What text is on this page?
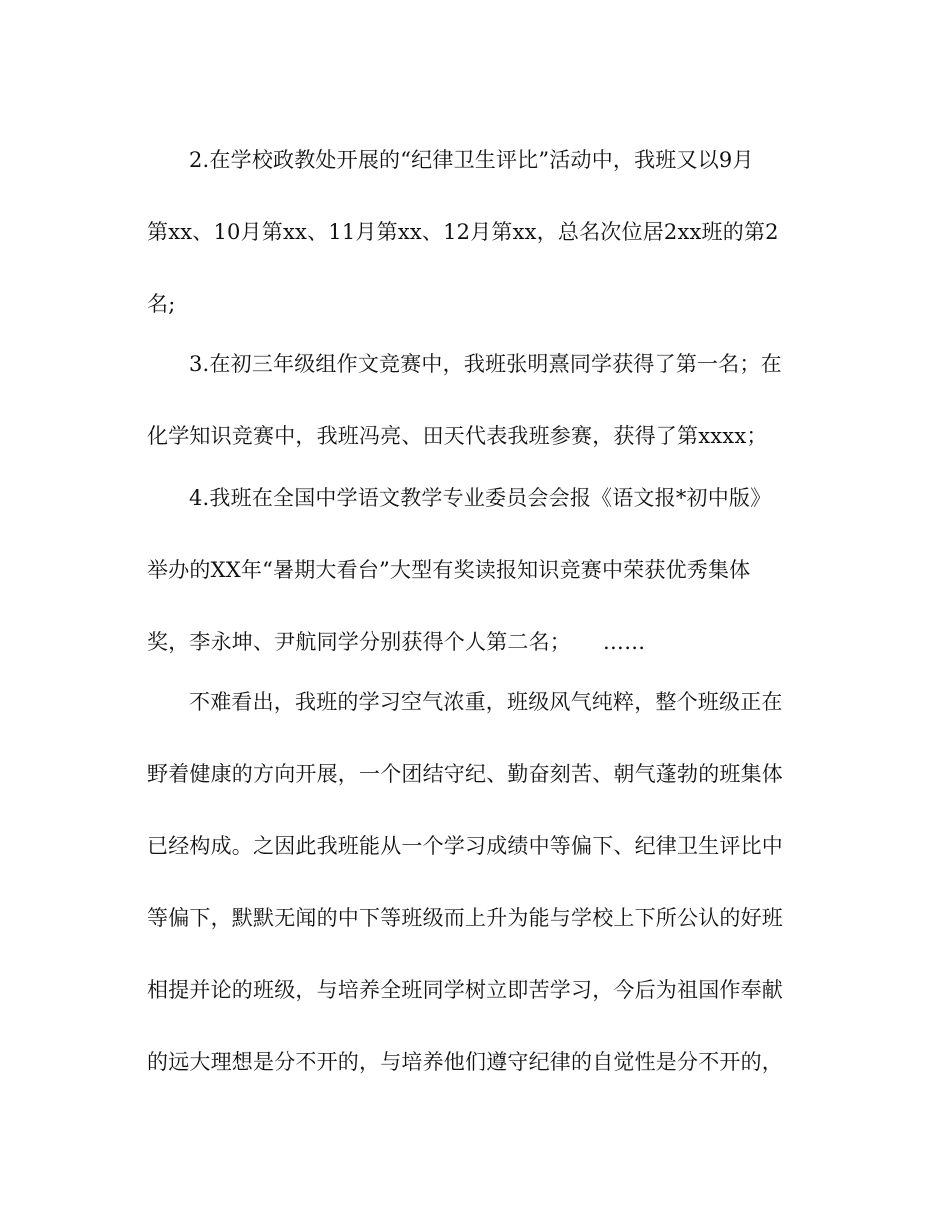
2.在学校政教处开展的“纪律卫生评比”活动中，我班又以9月
第xx、10月第xx、11月第xx、12月第xx，总名次位居2xx班的第2
名;
3.在初三年级组作文竞赛中，我班张明熹同学获得了第一名；在
化学知识竞赛中，我班冯亮、田天代表我班参赛，获得了第xxxx；
4.我班在全国中学语文教学专业委员会会报《语文报*初中版》
举办的XX年“暑期大看台”大型有奖读报知识竞赛中荣获优秀集体
奖，李永坤、尹航同学分别获得个人第二名；　　……
不难看出，我班的学习空气浓重，班级风气纯粹，整个班级正在
野着健康的方向开展，一个团结守纪、勤奋刻苦、朝气蓬勃的班集体
已经构成。之因此我班能从一个学习成绩中等偏下、纪律卫生评比中
等偏下，默默无闻的中下等班级而上升为能与学校上下所公认的好班
相提并论的班级，与培养全班同学树立即苦学习，今后为祖国作奉献
的远大理想是分不开的，与培养他们遵守纪律的自觉性是分不开的，
